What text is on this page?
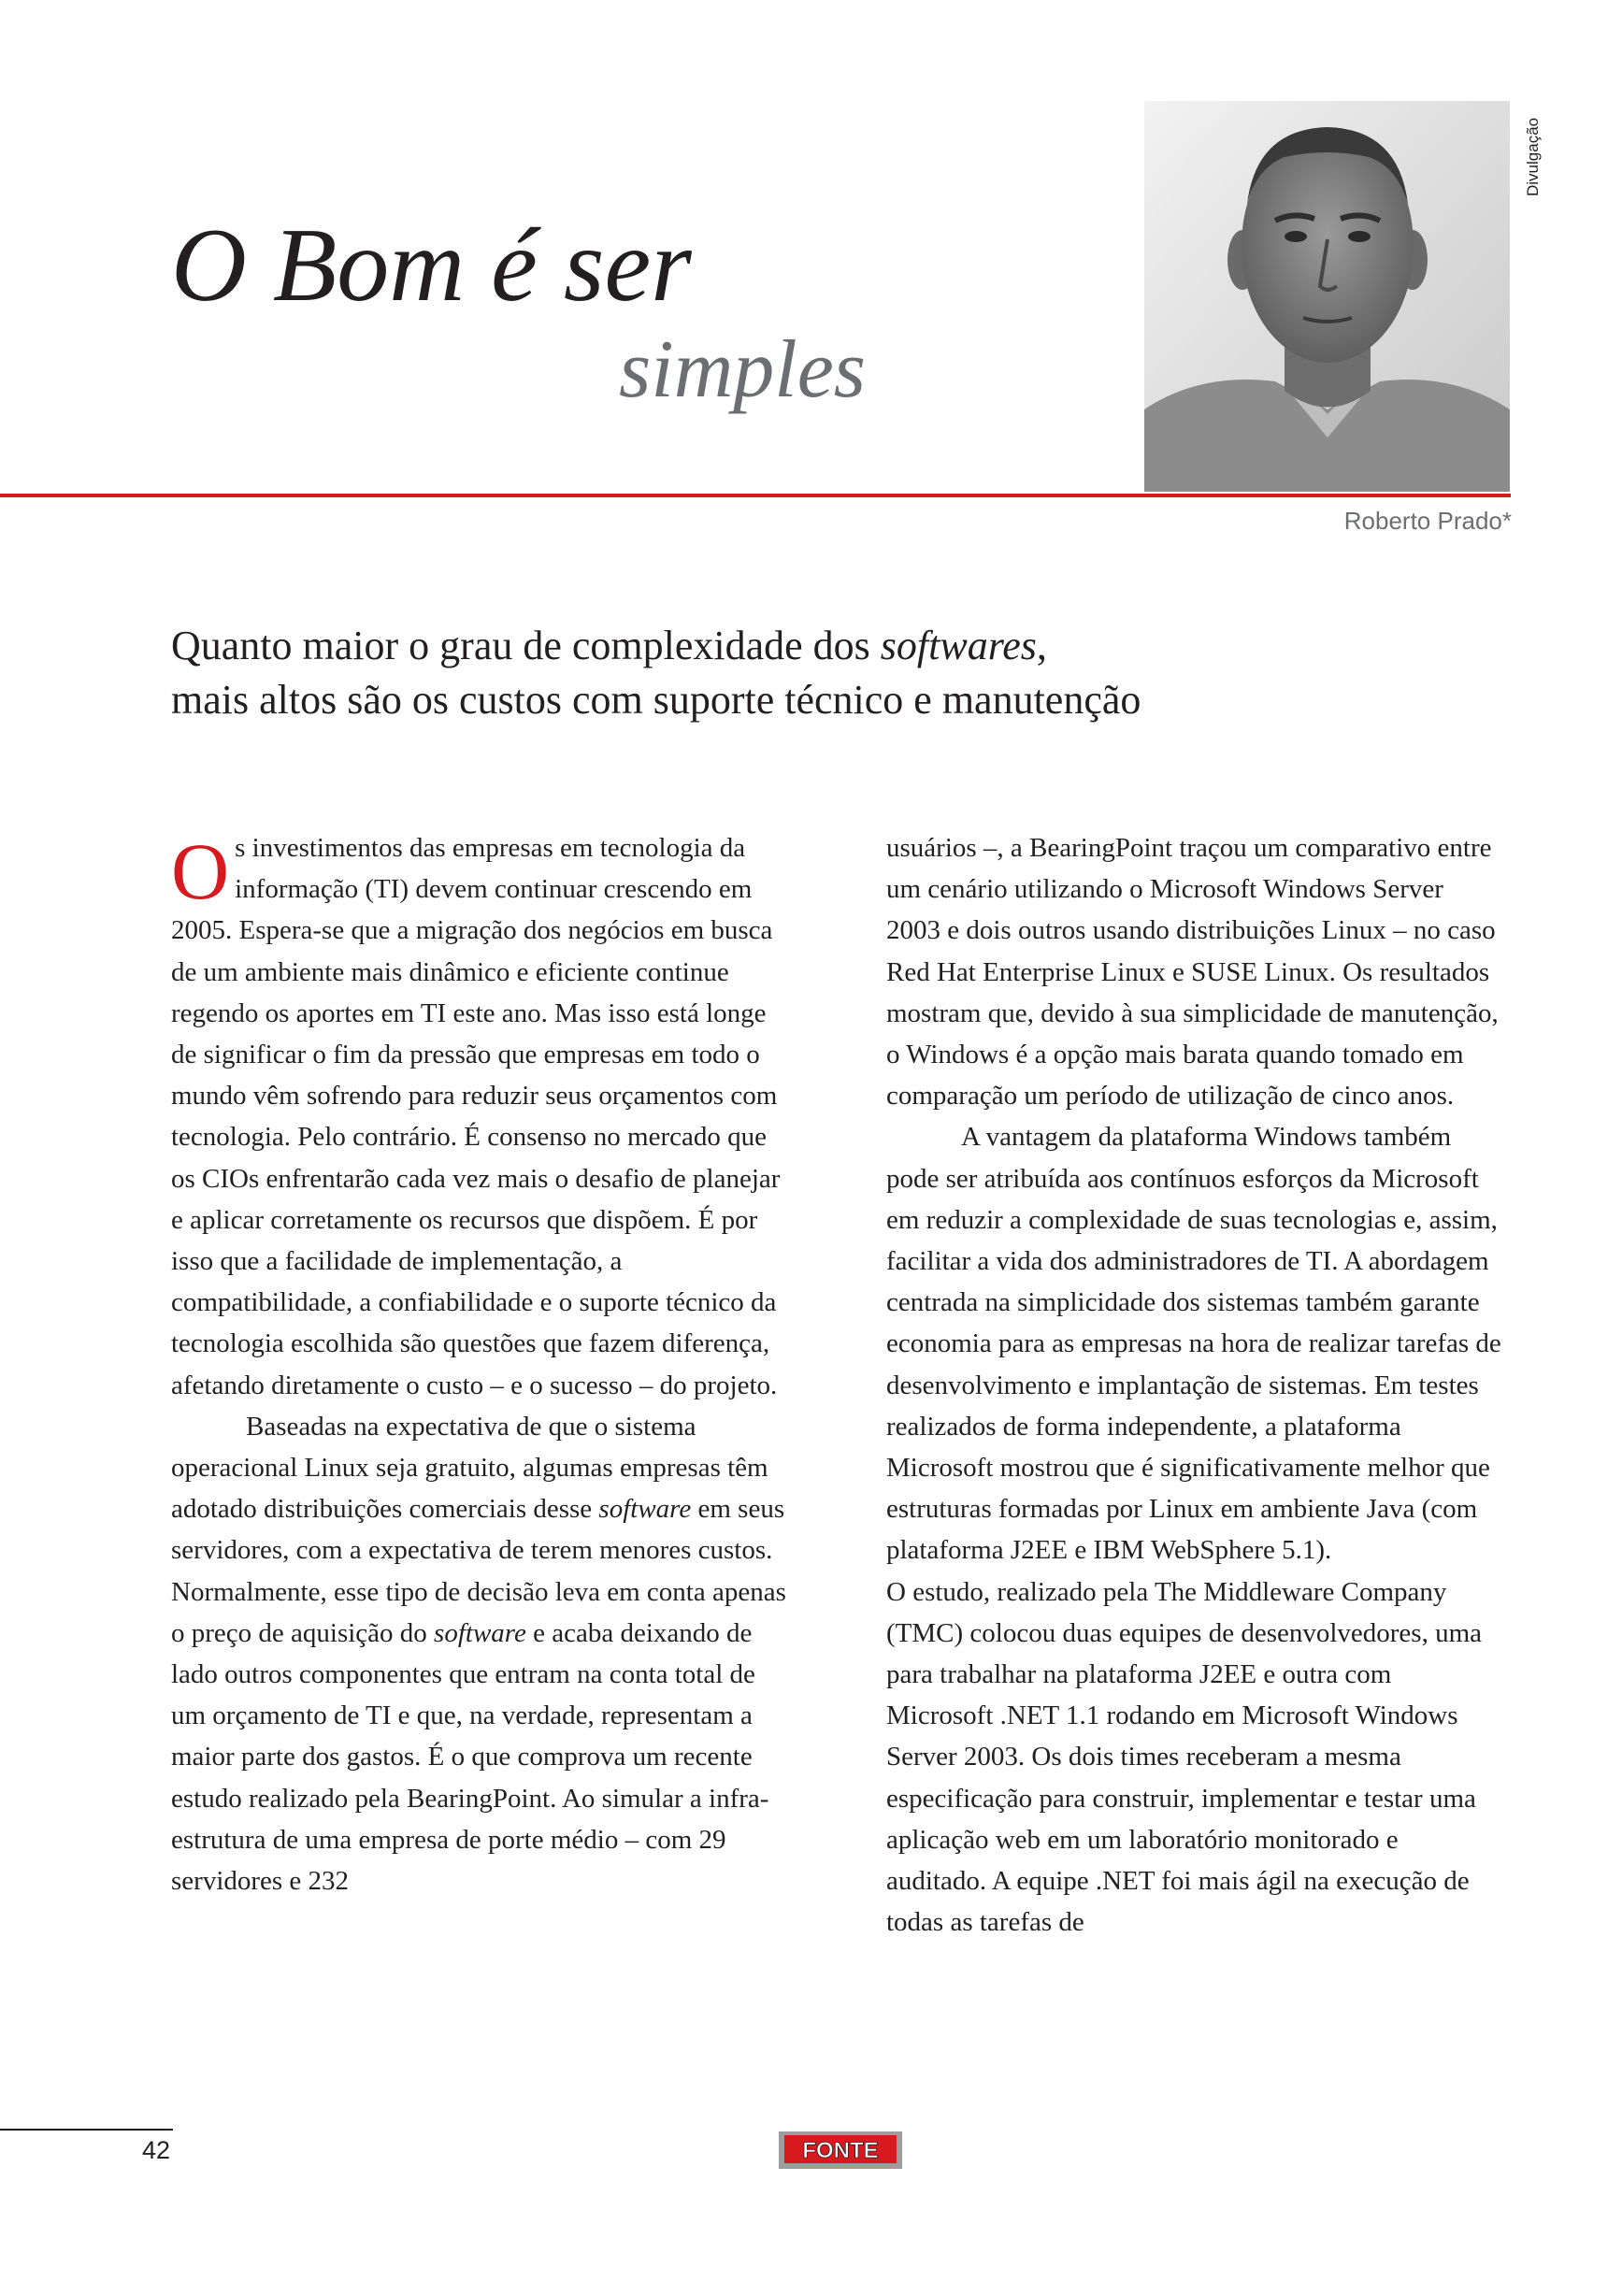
O Bom é ser
simples
Divulgação
Roberto Prado*
Quanto maior o grau de complexidade dos softwares,
mais altos são os custos com suporte técnico e manutenção

Os investimentos das empresas em tecnologia da informação (TI) devem continuar crescendo em 2005. Espera-se que a migração dos negócios em busca de um ambiente mais dinâmico e eficiente continue regendo os aportes em TI este ano. Mas isso está longe de significar o fim da pressão que empresas em todo o mundo vêm sofrendo para reduzir seus orçamentos com tecnologia. Pelo contrário. É consenso no mercado que os CIOs enfrentarão cada vez mais o desafio de planejar e aplicar corretamente os recursos que dispõem. É por isso que a facilidade de implementação, a compatibilidade, a confiabilidade e o suporte técnico da tecnologia escolhida são questões que fazem diferença, afetando diretamente o custo – e o sucesso – do projeto.

Baseadas na expectativa de que o sistema operacional Linux seja gratuito, algumas empresas têm adotado distribuições comerciais desse software em seus servidores, com a expectativa de terem menores custos. Normalmente, esse tipo de decisão leva em conta apenas o preço de aquisição do software e acaba deixando de lado outros componentes que entram na conta total de um orçamento de TI e que, na verdade, representam a maior parte dos gastos. É o que comprova um recente estudo realizado pela BearingPoint. Ao simular a infra-estrutura de uma empresa de porte médio – com 29 servidores e 232

usuários –, a BearingPoint traçou um comparativo entre um cenário utilizando o Microsoft Windows Server 2003 e dois outros usando distribuições Linux – no caso Red Hat Enterprise Linux e SUSE Linux. Os resultados mostram que, devido à sua simplicidade de manutenção, o Windows é a opção mais barata quando tomado em comparação um período de utilização de cinco anos.

A vantagem da plataforma Windows também pode ser atribuída aos contínuos esforços da Microsoft em reduzir a complexidade de suas tecnologias e, assim, facilitar a vida dos administradores de TI. A abordagem centrada na simplicidade dos sistemas também garante economia para as empresas na hora de realizar tarefas de desenvolvimento e implantação de sistemas. Em testes realizados de forma independente, a plataforma Microsoft mostrou que é significativamente melhor que estruturas formadas por Linux em ambiente Java (com plataforma J2EE e IBM WebSphere 5.1).

O estudo, realizado pela The Middleware Company (TMC) colocou duas equipes de desenvolvedores, uma para trabalhar na plataforma J2EE e outra com Microsoft .NET 1.1 rodando em Microsoft Windows Server 2003. Os dois times receberam a mesma especificação para construir, implementar e testar uma aplicação web em um laboratório monitorado e auditado. A equipe .NET foi mais ágil na execução de todas as tarefas de

42	FONTE
